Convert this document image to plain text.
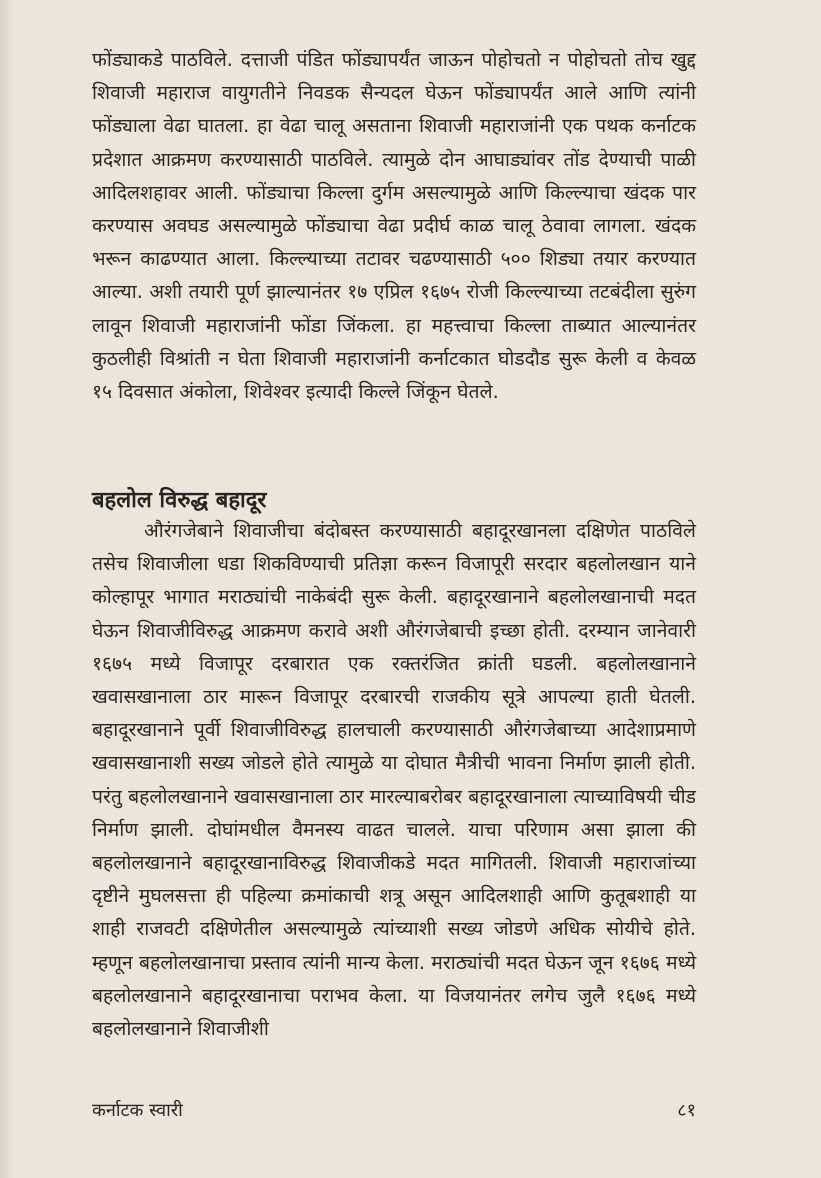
फोंड्याकडे पाठविले. दत्ताजी पंडित फोंड्यापर्यंत जाऊन पोहोचतो न पोहोचतो तोच खुद्द शिवाजी महाराज वायुगतीने निवडक सैन्यदल घेऊन फोंड्यापर्यंत आले आणि त्यांनी फोंड्याला वेढा घातला. हा वेढा चालू असताना शिवाजी महाराजांनी एक पथक कर्नाटक प्रदेशात आक्रमण करण्यासाठी पाठविले. त्यामुळे दोन आघाड्यांवर तोंड देण्याची पाळी आदिलशहावर आली. फोंड्याचा किल्ला दुर्गम असल्यामुळे आणि किल्ल्याचा खंदक पार करण्यास अवघड असल्यामुळे फोंड्याचा वेढा प्रदीर्घ काळ चालू ठेवावा लागला. खंदक भरून काढण्यात आला. किल्ल्याच्या तटावर चढण्यासाठी ५०० शिड्या तयार करण्यात आल्या. अशी तयारी पूर्ण झाल्यानंतर १७ एप्रिल १६७५ रोजी किल्ल्याच्या तटबंदीला सुरुंग लावून शिवाजी महाराजांनी फोंडा जिंकला. हा महत्त्वाचा किल्ला ताब्यात आल्यानंतर कुठलीही विश्रांती न घेता शिवाजी महाराजांनी कर्नाटकात घोडदौड सुरू केली व केवळ १५ दिवसात अंकोला, शिवेश्वर इत्यादी किल्ले जिंकून घेतले.

बहलोल विरुद्ध बहादूर

औरंगजेबाने शिवाजीचा बंदोबस्त करण्यासाठी बहादूरखानला दक्षिणेत पाठविले तसेच शिवाजीला धडा शिकविण्याची प्रतिज्ञा करून विजापूरी सरदार बहलोलखान याने कोल्हापूर भागात मराठ्यांची नाकेबंदी सुरू केली. बहादूरखानाने बहलोलखानाची मदत घेऊन शिवाजीविरुद्ध आक्रमण करावे अशी औरंगजेबाची इच्छा होती. दरम्यान जानेवारी १६७५ मध्ये विजापूर दरबारात एक रक्तरंजित क्रांती घडली. बहलोलखानाने खवासखानाला ठार मारून विजापूर दरबारची राजकीय सूत्रे आपल्या हाती घेतली. बहादूरखानाने पूर्वी शिवाजीविरुद्ध हालचाली करण्यासाठी औरंगजेबाच्या आदेशाप्रमाणे खवासखानाशी सख्य जोडले होते त्यामुळे या दोघात मैत्रीची भावना निर्माण झाली होती. परंतु बहलोलखानाने खवासखानाला ठार मारल्याबरोबर बहादूरखानाला त्याच्याविषयी चीड निर्माण झाली. दोघांमधील वैमनस्य वाढत चालले. याचा परिणाम असा झाला की बहलोलखानाने बहादूरखानाविरुद्ध शिवाजीकडे मदत मागितली. शिवाजी महाराजांच्या दृष्टीने मुघलसत्ता ही पहिल्या क्रमांकाची शत्रू असून आदिलशाही आणि कुतूबशाही या शाही राजवटी दक्षिणेतील असल्यामुळे त्यांच्याशी सख्य जोडणे अधिक सोयीचे होते. म्हणून बहलोलखानाचा प्रस्ताव त्यांनी मान्य केला. मराठ्यांची मदत घेऊन जून १६७६ मध्ये बहलोलखानाने बहादूरखानाचा पराभव केला. या विजयानंतर लगेच जुलै १६७६ मध्ये बहलोलखानाने शिवाजीशी

कर्नाटक स्वारी	८१
